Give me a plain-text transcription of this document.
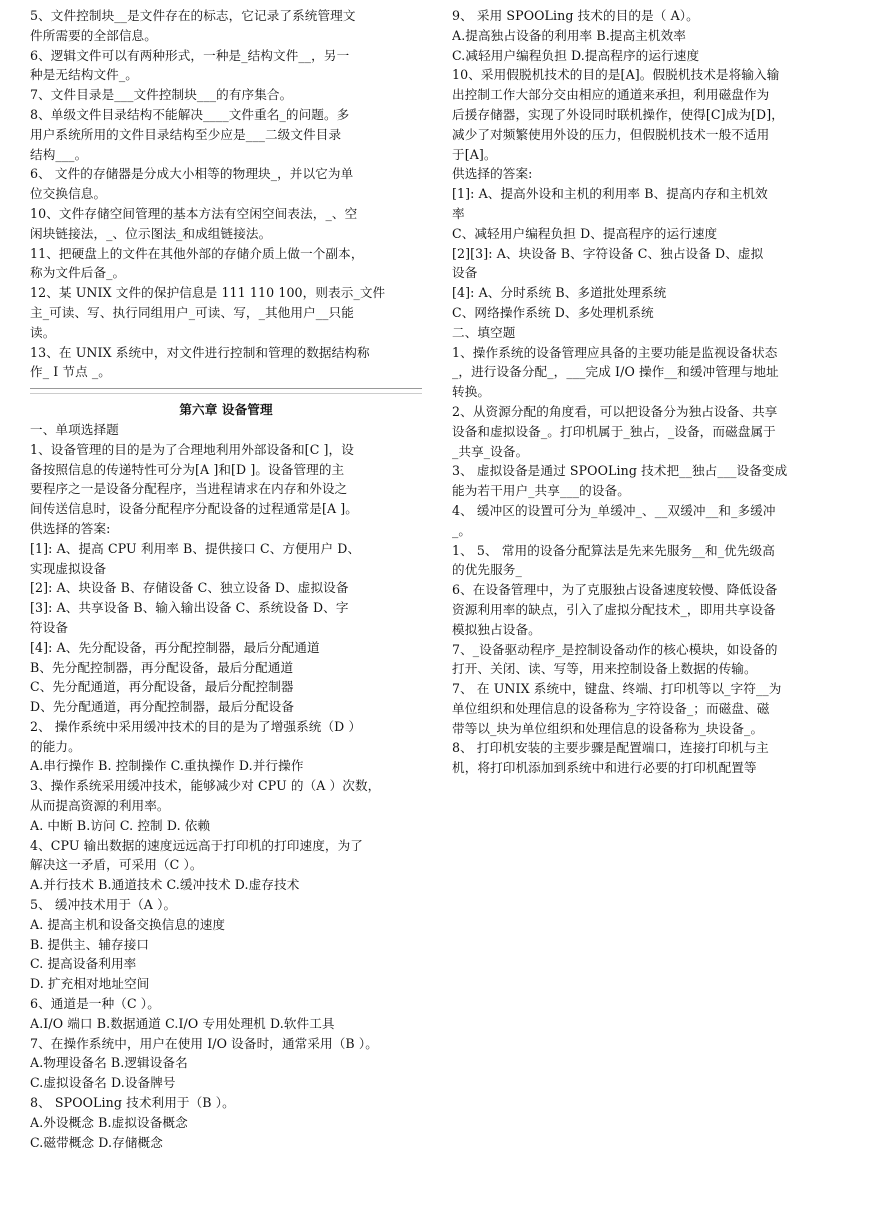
5、文件控制块__是文件存在的标志，它记录了系统管理文
件所需要的全部信息。
6、逻辑文件可以有两种形式，一种是_结构文件__，另一
种是无结构文件_。
7、文件目录是___文件控制块___的有序集合。
8、单级文件目录结构不能解决____文件重名_的问题。多
用户系统所用的文件目录结构至少应是___二级文件目录
结构___。
6、 文件的存储器是分成大小相等的物理块_，并以它为单
位交换信息。
10、文件存储空间管理的基本方法有空闲空间表法，_、空
闲块链接法，_、位示图法_和成组链接法。
11、把硬盘上的文件在其他外部的存储介质上做一个副本，
称为文件后备_。
12、某 UNIX 文件的保护信息是 111 110 100，则表示_文件
主_可读、写、执行同组用户_可读、写，_其他用户__只能
读。
13、在 UNIX 系统中，对文件进行控制和管理的数据结构称
作_ I 节点 _。
第六章 设备管理
一、单项选择题
1、设备管理的目的是为了合理地利用外部设备和[C ]，设
备按照信息的传递特性可分为[A ]和[D ]。设备管理的主
要程序之一是设备分配程序，当进程请求在内存和外设之
间传送信息时，设备分配程序分配设备的过程通常是[A ]。
供选择的答案:
[1]: A、提高 CPU 利用率 B、提供接口 C、方便用户 D、
实现虚拟设备
[2]: A、块设备 B、存储设备 C、独立设备 D、虚拟设备
[3]: A、共享设备 B、输入输出设备 C、系统设备 D、字
符设备
[4]: A、先分配设备，再分配控制器，最后分配通道
B、先分配控制器，再分配设备，最后分配通道
C、先分配通道，再分配设备，最后分配控制器
D、先分配通道，再分配控制器，最后分配设备
2、 操作系统中采用缓冲技术的目的是为了增强系统（D ）
的能力。
A.串行操作 B. 控制操作 C.重执操作 D.并行操作
3、操作系统采用缓冲技术，能够减少对 CPU 的（A ）次数，
从而提高资源的利用率。
A. 中断 B.访问 C. 控制 D. 依赖
4、CPU 输出数据的速度远远高于打印机的打印速度，为了
解决这一矛盾，可采用（C ）。
A.并行技术 B.通道技术 C.缓冲技术 D.虚存技术
5、 缓冲技术用于（A ）。
A. 提高主机和设备交换信息的速度
B. 提供主、辅存接口
C. 提高设备利用率
D. 扩充相对地址空间
6、通道是一种（C ）。
A.I/O 端口 B.数据通道 C.I/O 专用处理机 D.软件工具
7、在操作系统中，用户在使用 I/O 设备时，通常采用（B ）。
A.物理设备名 B.逻辑设备名
C.虚拟设备名 D.设备牌号
8、 SPOOLing 技术利用于（B ）。
A.外设概念 B.虚拟设备概念
C.磁带概念 D.存储概念
9、 采用 SPOOLing 技术的目的是（ A）。
A.提高独占设备的利用率 B.提高主机效率
C.减轻用户编程负担 D.提高程序的运行速度
10、采用假脱机技术的目的是[A]。假脱机技术是将输入输
出控制工作大部分交由相应的通道来承担，利用磁盘作为
后援存储器，实现了外设同时联机操作，使得[C]成为[D]，
减少了对频繁使用外设的压力，但假脱机技术一般不适用
于[A]。
供选择的答案:
[1]: A、提高外设和主机的利用率 B、提高内存和主机效
率
C、减轻用户编程负担 D、提高程序的运行速度
[2][3]: A、块设备 B、字符设备 C、独占设备 D、虚拟
设备
[4]: A、分时系统 B、多道批处理系统
C、网络操作系统 D、多处理机系统
二、填空题
1、操作系统的设备管理应具备的主要功能是监视设备状态
_，进行设备分配_，___完成 I/O 操作__和缓冲管理与地址
转换。
2、从资源分配的角度看，可以把设备分为独占设备、共享
设备和虚拟设备_。打印机属于_独占，_设备，而磁盘属于
_共享_设备。
3、 虚拟设备是通过 SPOOLing 技术把__独占___设备变成
能为若干用户_共享___的设备。
4、 缓冲区的设置可分为_单缓冲_、__双缓冲__和_多缓冲
_。
1、 5、 常用的设备分配算法是先来先服务__和_优先级高
的优先服务_
6、在设备管理中，为了克服独占设备速度较慢、降低设备
资源利用率的缺点，引入了虚拟分配技术_，即用共享设备
模拟独占设备。
7、_设备驱动程序_是控制设备动作的核心模块，如设备的
打开、关闭、读、写等，用来控制设备上数据的传输。
7、 在 UNIX 系统中，键盘、终端、打印机等以_字符__为
单位组织和处理信息的设备称为_字符设备_；而磁盘、磁
带等以_块为单位组织和处理信息的设备称为_块设备_。
8、 打印机安装的主要步骤是配置端口，连接打印机与主
机，将打印机添加到系统中和进行必要的打印机配置等
